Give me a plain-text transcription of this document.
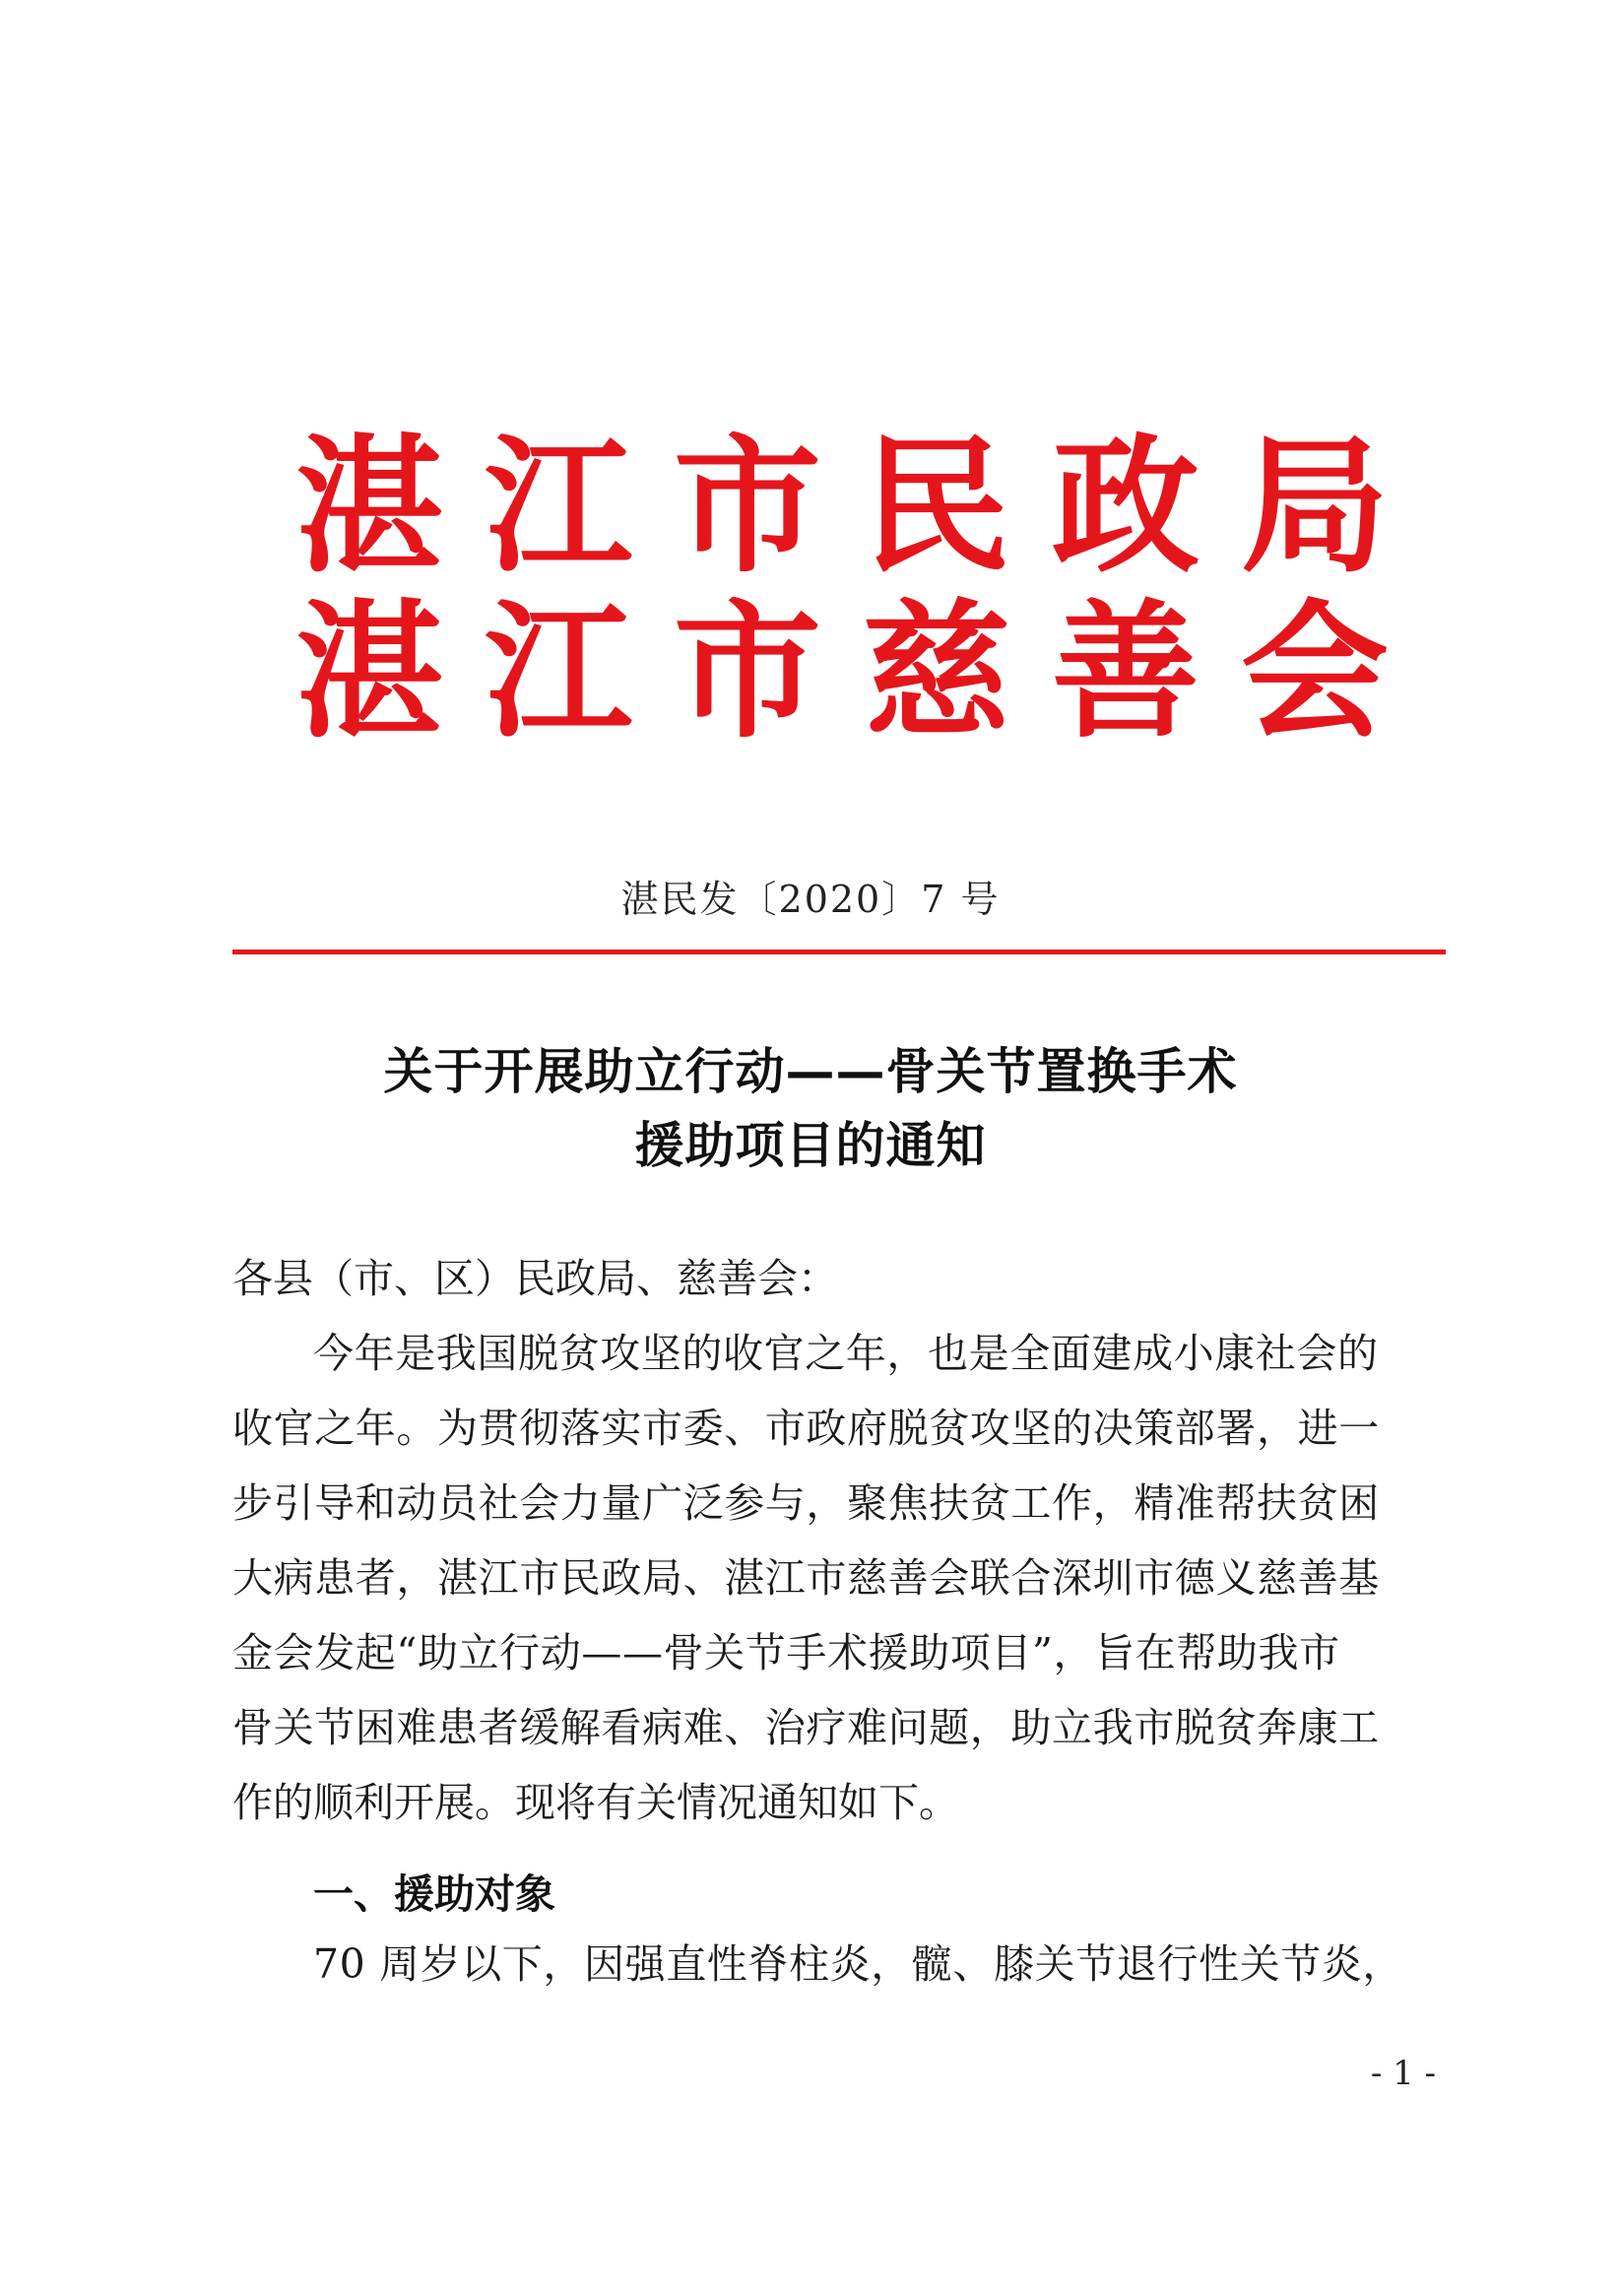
湛 江 市 民 政 局
湛 江 市 慈 善 会
湛民发〔2020〕7 号
关于开展助立行动——骨关节置换手术
援助项目的通知
各县（市、区）民政局、慈善会：
今年是我国脱贫攻坚的收官之年，也是全面建成小康社会的
收官之年。为贯彻落实市委、市政府脱贫攻坚的决策部署，进一
步引导和动员社会力量广泛参与，聚焦扶贫工作，精准帮扶贫困
大病患者，湛江市民政局、湛江市慈善会联合深圳市德义慈善基
金会发起“助立行动——骨关节手术援助项目”，旨在帮助我市
骨关节困难患者缓解看病难、治疗难问题，助立我市脱贫奔康工
作的顺利开展。现将有关情况通知如下。
一、援助对象
70 周岁以下，因强直性脊柱炎，髋、膝关节退行性关节炎，
- 1 -
